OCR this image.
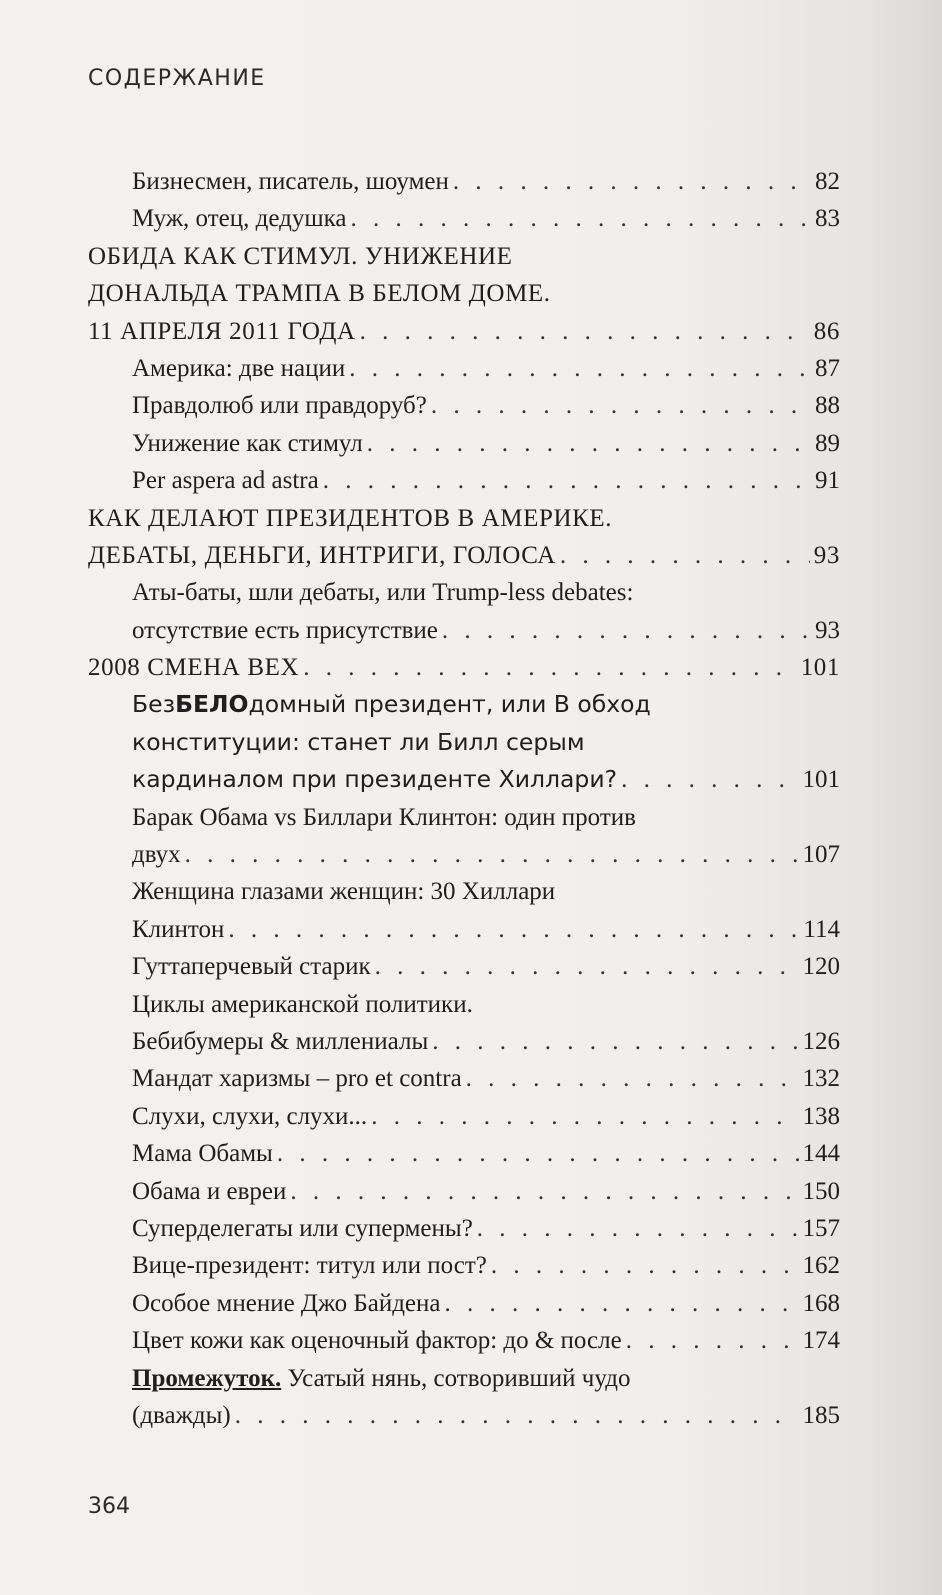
СОДЕРЖАНИЕ
Бизнесмен, писатель, шоумен . . .	82
Муж, отец, дедушка . . .	83
ОБИДА КАК СТИМУЛ. УНИЖЕНИЕ
ДОНАЛЬДА ТРАМПА В БЕЛОМ ДОМЕ.
11 АПРЕЛЯ 2011 ГОДА . . .	86
Америка: две нации . . .	87
Правдолюб или правдоруб? . . .	88
Унижение как стимул . . .	89
Per aspera ad astra . . .	91
КАК ДЕЛАЮТ ПРЕЗИДЕНТОВ В АМЕРИКЕ.
ДЕБАТЫ, ДЕНЬГИ, ИНТРИГИ, ГОЛОСА . . .	93
Аты-баты, шли дебаты, или Trump-less debates:
отсутствие есть присутствие . . .	93
2008 СМЕНА ВЕХ . . .	101
БезБЕЛОдомный президент, или В обход
конституции: станет ли Билл серым
кардиналом при президенте Хиллари? . . .	101
Барак Обама vs Биллари Клинтон: один против
двух . . .	107
Женщина глазами женщин: 30 Хиллари
Клинтон . . .	114
Гуттаперчевый старик . . .	120
Циклы американской политики.
Бебибумеры & миллениалы . . .	126
Мандат харизмы – pro et contra . . .	132
Слухи, слухи, слухи... . . .	138
Мама Обамы . . .	144
Обама и евреи . . .	150
Суперделегаты или супермены? . . .	157
Вице-президент: титул или пост? . . .	162
Особое мнение Джо Байдена . . .	168
Цвет кожи как оценочный фактор: до & после . . .	174
Промежуток. Усатый нянь, сотворивший чудо
(дважды) . . .	185
364
